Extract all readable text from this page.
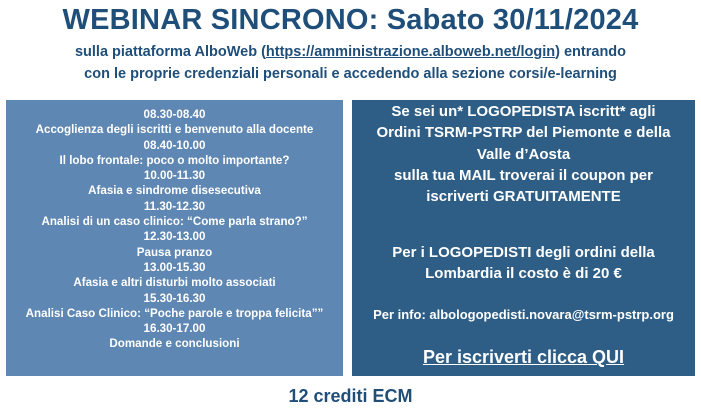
WEBINAR SINCRONO: Sabato 30/11/2024
sulla piattaforma AlboWeb (https://amministrazione.alboweb.net/login) entrando
con le proprie credenziali personali e accedendo alla sezione corsi/e-learning
08.30-08.40
Accoglienza degli iscritti e benvenuto alla docente
08.40-10.00
Il lobo frontale: poco o molto importante?
10.00-11.30
Afasia e sindrome disesecutiva
11.30-12.30
Analisi di un caso clinico: “Come parla strano?”
12.30-13.00
Pausa pranzo
13.00-15.30
Afasia e altri disturbi molto associati
15.30-16.30
Analisi Caso Clinico: “Poche parole e troppa felicita””
16.30-17.00
Domande e conclusioni
Se sei un* LOGOPEDISTA iscritt* agli
Ordini TSRM-PSTRP del Piemonte e della
Valle d’Aosta
sulla tua MAIL troverai il coupon per
iscriverti GRATUITAMENTE
Per i LOGOPEDISTI degli ordini della
Lombardia il costo è di 20 €
Per info: albologopedisti.novara@tsrm-pstrp.org
Per iscriverti clicca QUI
12 crediti ECM
